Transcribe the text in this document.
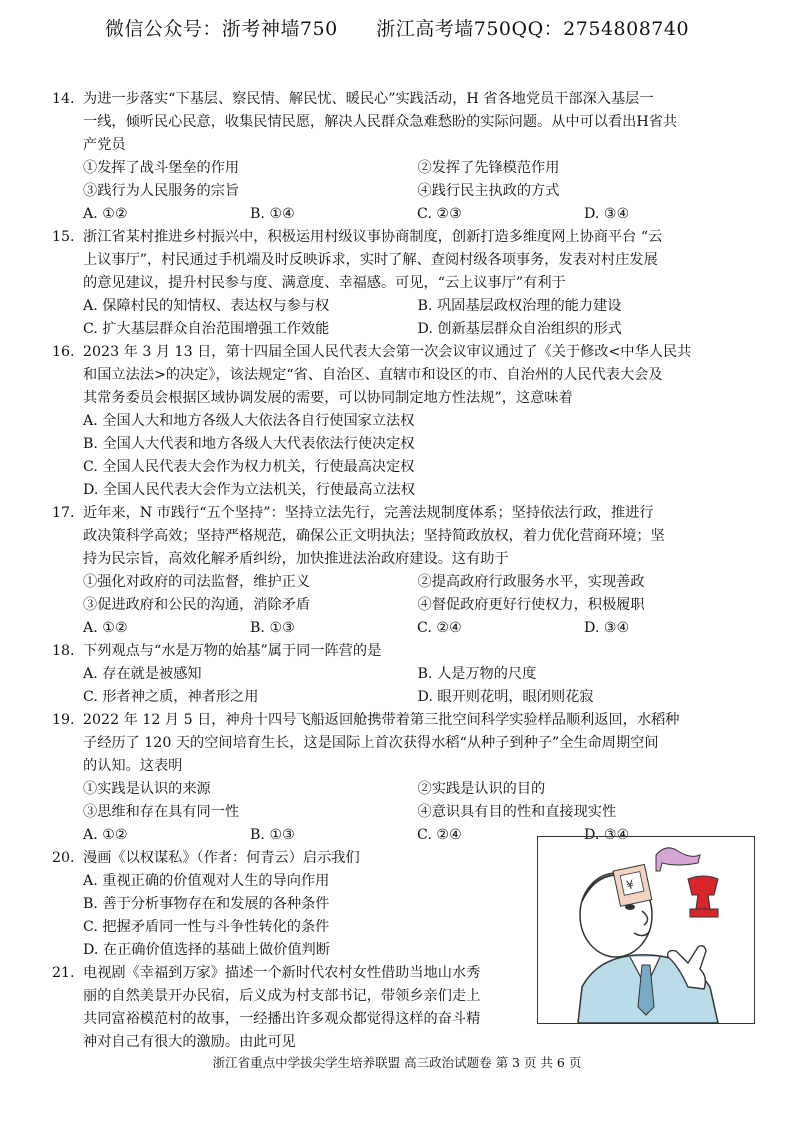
微信公众号：浙考神墙750 浙江高考墙750QQ：2754808740
14. 为进一步落实“下基层、察民情、解民忧、暖民心”实践活动，H 省各地党员干部深入基层一
一线，倾听民心民意，收集民情民愿，解决人民群众急难愁盼的实际问题。从中可以看出H省共
产党员
①发挥了战斗堡垒的作用	②发挥了先锋模范作用
③践行为人民服务的宗旨	④践行民主执政的方式
A. ①②	B. ①④	C. ②③	D. ③④
15. 浙江省某村推进乡村振兴中，积极运用村级议事协商制度，创新打造多维度网上协商平台 “云
上议事厅”，村民通过手机端及时反映诉求，实时了解、查阅村级各项事务，发表对村庄发展
的意见建议，提升村民参与度、满意度、幸福感。可见，“云上议事厅”有利于
A. 保障村民的知情权、表达权与参与权	B. 巩固基层政权治理的能力建设
C. 扩大基层群众自治范围增强工作效能	D. 创新基层群众自治组织的形式
16. 2023 年 3 月 13 日，第十四届全国人民代表大会第一次会议审议通过了《关于修改<中华人民共
和国立法法>的决定》，该法规定“省、自治区、直辖市和设区的市、自治州的人民代表大会及
其常务委员会根据区域协调发展的需要，可以协同制定地方性法规”，这意味着
A. 全国人大和地方各级人大依法各自行使国家立法权
B. 全国人大代表和地方各级人大代表依法行使决定权
C. 全国人民代表大会作为权力机关，行使最高决定权
D. 全国人民代表大会作为立法机关，行使最高立法权
17. 近年来，N 市践行“五个坚持”：坚持立法先行，完善法规制度体系；坚持依法行政，推进行
政决策科学高效；坚持严格规范，确保公正文明执法；坚持简政放权，着力优化营商环境；坚
持为民宗旨，高效化解矛盾纠纷，加快推进法治政府建设。这有助于
①强化对政府的司法监督，维护正义	②提高政府行政服务水平，实现善政
③促进政府和公民的沟通，消除矛盾	④督促政府更好行使权力，积极履职
A. ①②	B. ①③	C. ②④	D. ③④
18. 下列观点与“水是万物的始基”属于同一阵营的是
A. 存在就是被感知	B. 人是万物的尺度
C. 形者神之质，神者形之用	D. 眼开则花明，眼闭则花寂
19. 2022 年 12 月 5 日，神舟十四号飞船返回舱携带着第三批空间科学实验样品顺利返回，水稻种
子经历了 120 天的空间培育生长，这是国际上首次获得水稻“从种子到种子”全生命周期空间
的认知。这表明
①实践是认识的来源	②实践是认识的目的
③思维和存在具有同一性	④意识具有目的性和直接现实性
A. ①②	B. ①③	C. ②④	D. ③④
20. 漫画《以权谋私》（作者：何青云）启示我们
A. 重视正确的价值观对人生的导向作用
B. 善于分析事物存在和发展的各种条件
C. 把握矛盾同一性与斗争性转化的条件
D. 在正确价值选择的基础上做价值判断
21. 电视剧《幸福到万家》描述一个新时代农村女性借助当地山水秀
丽的自然美景开办民宿，后义成为村支部书记，带领乡亲们走上
共同富裕模范村的故事，一经播出许多观众都觉得这样的奋斗精
神对自己有很大的激励。由此可见
¥
浙江省重点中学拔尖学生培养联盟 高三政治试题卷 第 3 页 共 6 页
